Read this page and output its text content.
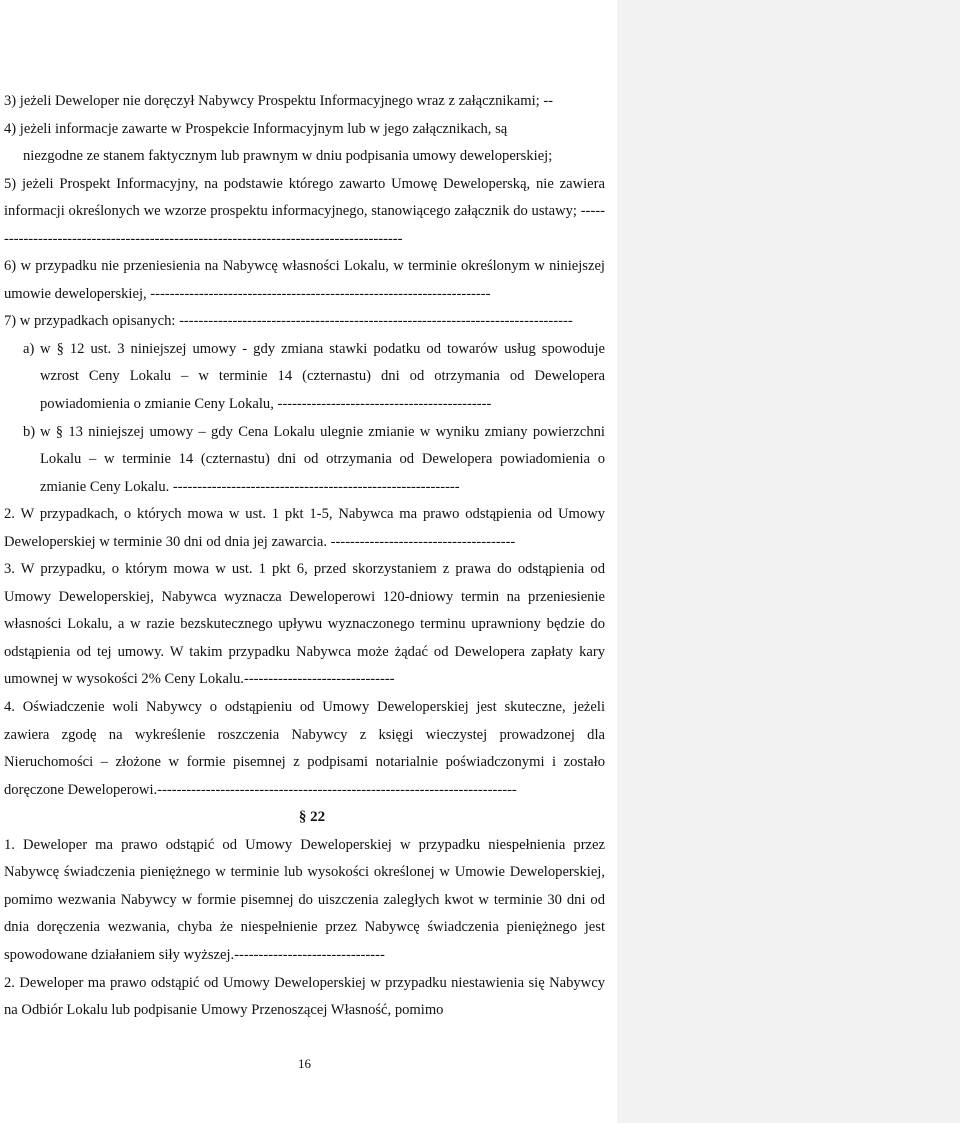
3) jeżeli Deweloper nie doręczył Nabywcy Prospektu Informacyjnego wraz z załącznikami; --

4) jeżeli informacje zawarte w Prospekcie Informacyjnym lub w jego załącznikach, są

niezgodne ze stanem faktycznym lub prawnym w dniu podpisania umowy deweloperskiej;

5) jeżeli Prospekt Informacyjny, na podstawie którego zawarto Umowę Deweloperską, nie zawiera informacji określonych we wzorze prospektu informacyjnego, stanowiącego załącznik do ustawy; ---------------------------------------------------------------------------------------

6) w przypadku nie przeniesienia na Nabywcę własności Lokalu, w terminie określonym w niniejszej umowie deweloperskiej, ----------------------------------------------------------------------

7) w przypadkach opisanych: ---------------------------------------------------------------------------------

a) w § 12 ust. 3 niniejszej umowy - gdy zmiana stawki podatku od towarów usług spowoduje wzrost Ceny Lokalu – w terminie 14 (czternastu) dni od otrzymania od Dewelopera powiadomienia o zmianie Ceny Lokalu, --------------------------------------------
b) w § 13 niniejszej umowy – gdy Cena Lokalu ulegnie zmianie w wyniku zmiany powierzchni Lokalu – w terminie 14 (czternastu) dni od otrzymania od Dewelopera powiadomienia o zmianie Ceny Lokalu. -----------------------------------------------------------

2. W przypadkach, o których mowa w ust. 1 pkt 1-5, Nabywca ma prawo odstąpienia od Umowy Deweloperskiej w terminie 30 dni od dnia jej zawarcia. --------------------------------------

3. W przypadku, o którym mowa w ust. 1 pkt 6, przed skorzystaniem z prawa do odstąpienia od Umowy Deweloperskiej, Nabywca wyznacza Deweloperowi 120-dniowy termin na przeniesienie własności Lokalu, a w razie bezskutecznego upływu wyznaczonego terminu uprawniony będzie do odstąpienia od tej umowy. W takim przypadku Nabywca może żądać od Dewelopera zapłaty kary umownej w wysokości 2% Ceny Lokalu.-------------------------------

4. Oświadczenie woli Nabywcy o odstąpieniu od Umowy Deweloperskiej jest skuteczne, jeżeli zawiera zgodę na wykreślenie roszczenia Nabywcy z księgi wieczystej prowadzonej dla Nieruchomości – złożone w formie pisemnej z podpisami notarialnie poświadczonymi i zostało doręczone Deweloperowi.--------------------------------------------------------------------------

§ 22

1. Deweloper ma prawo odstąpić od Umowy Deweloperskiej w przypadku niespełnienia przez Nabywcę świadczenia pieniężnego w terminie lub wysokości określonej w Umowie Deweloperskiej, pomimo wezwania Nabywcy w formie pisemnej do uiszczenia zaległych kwot w terminie 30 dni od dnia doręczenia wezwania, chyba że niespełnienie przez Nabywcę świadczenia pieniężnego jest spowodowane działaniem siły wyższej.-------------------------------

2. Deweloper ma prawo odstąpić od Umowy Deweloperskiej w przypadku niestawienia się Nabywcy na Odbiór Lokalu lub podpisanie Umowy Przenoszącej Własność, pomimo

16
